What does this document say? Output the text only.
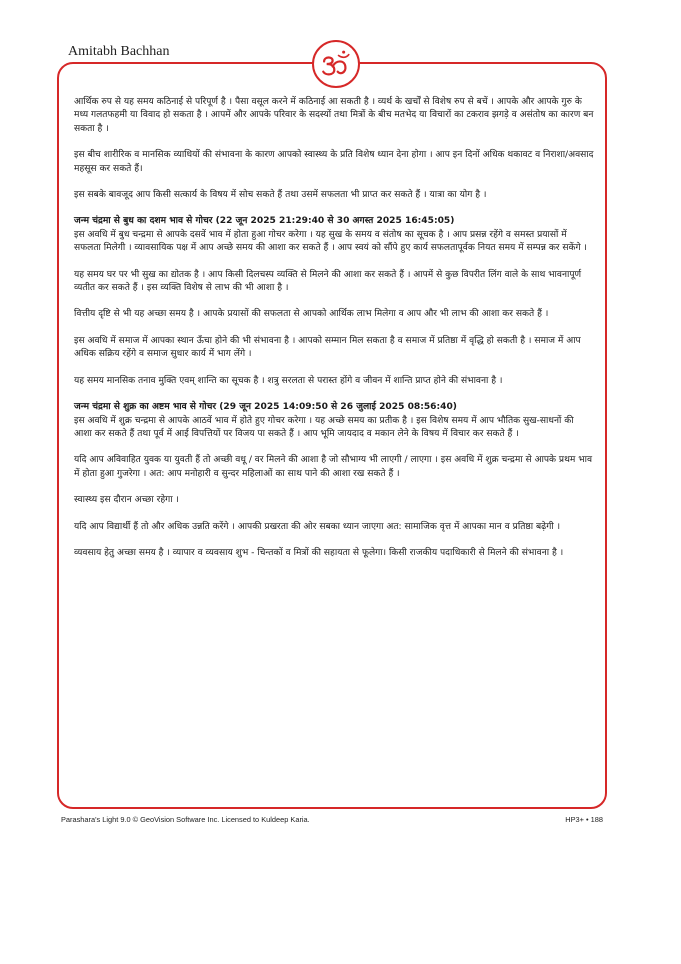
Amitabh Bachhan

आर्थिक रुप से यह समय कठिनाई से परिपूर्ण है । पैसा वसूल करने में कठिनाई आ सकती है । व्यर्थ के खर्चों से विशेष रुप से बचें । आपके और आपके गुरु के मध्य गलतफहमी या विवाद हो सकता है । आपमें और आपके परिवार के सदस्यों तथा मित्रों के बीच मतभेद या विचारों का टकराव झगड़े व असंतोष का कारण बन सकता है ।

इस बीच शारीरिक व मानसिक व्याधियों की संभावना के कारण आपको स्वास्थ्य के प्रति विशेष ध्यान देना होगा । आप इन दिनों अधिक थकावट व निराशा/अवसाद महसूस कर सकते हैं।

इस सबके बावजूद आप किसी सत्कार्य के विषय में सोच सकते हैं तथा उसमें सफलता भी प्राप्त कर सकते हैं । यात्रा का योग है ।

जन्म चंद्रमा से बुध का दशम भाव से गोचर (22 जून 2025 21:29:40 से 30 अगस्त 2025 16:45:05)

इस अवधि में बुध चन्द्रमा से आपके दसवें भाव में होता हुआ गोचर करेगा । यह सुख के समय व संतोष का सूचक है । आप प्रसन्न रहेंगे व समस्त प्रयासों में सफलता मिलेगी । व्यावसायिक पक्ष में आप अच्छे समय की आशा कर सकते हैं । आप स्वयं को सौंपे हुए कार्य सफलतापूर्वक नियत समय में सम्पन्न कर सकेंगे ।

यह समय घर पर भी सुख का द्योतक है । आप किसी दिलचस्प व्यक्ति से मिलने की आशा कर सकते हैं । आपमें से कुछ विपरीत लिंग वाले के साथ भावनापूर्ण व्यतीत कर सकते हैं । इस व्यक्ति विशेष से लाभ की भी आशा है ।

वित्तीय दृष्टि से भी यह अच्छा समय है । आपके प्रयासों की सफलता से आपको आर्थिक लाभ मिलेगा व आप और भी लाभ की आशा कर सकते हैं ।

इस अवधि में समाज में आपका स्थान ऊँचा होने की भी संभावना है । आपको सम्मान मिल सकता है व समाज में प्रतिष्ठा में वृद्धि हो सकती है । समाज में आप अधिक सक्रिय रहेंगे व समाज सुधार कार्य में भाग लेंगे ।

यह समय मानसिक तनाव मुक्ति एवम् शान्ति का सूचक है । शत्रु सरलता से परास्त होंगे व जीवन में शान्ति प्राप्त होने की संभावना है ।

जन्म चंद्रमा से शुक्र का अष्टम भाव से गोचर (29 जून 2025 14:09:50 से 26 जुलाई 2025 08:56:40)

इस अवधि में शुक्र चन्द्रमा से आपके आठवें भाव में होते हुए गोचर करेगा । यह अच्छे समय का प्रतीक है । इस विशेष समय में आप भौतिक सुख-साधनों की आशा कर सकते हैं तथा पूर्व में आई विपत्तियों पर विजय पा सकते हैं । आप भूमि जायदाद व मकान लेने के विषय में विचार कर सकते हैं ।

यदि आप अविवाहित युवक या युवती हैं तो अच्छी वधू / वर मिलने की आशा है जो सौभाग्य भी लाएगी / लाएगा । इस अवधि में शुक्र चन्द्रमा से आपके प्रथम भाव में होता हुआ गुजरेगा । अत: आप मनोहारी व सुन्दर महिलाओं का साथ पाने की आशा रख सकते हैं ।

स्वास्थ्य इस दौरान अच्छा रहेगा ।

यदि आप विद्यार्थी हैं तो और अधिक उन्नति करेंगे । आपकी प्रखरता की ओर सबका ध्यान जाएगा अत: सामाजिक वृत्त में आपका मान व प्रतिष्ठा बढ़ेगी ।

व्यवसाय हेतु अच्छा समय है । व्यापार व व्यवसाय शुभ - चिन्तकों व मित्रों की सहायता से फूलेगा। किसी राजकीय पदाधिकारी से मिलने की संभावना है ।

Parashara's Light 9.0 © GeoVision Software Inc. Licensed to Kuldeep Karia.	HP3+ • 188
